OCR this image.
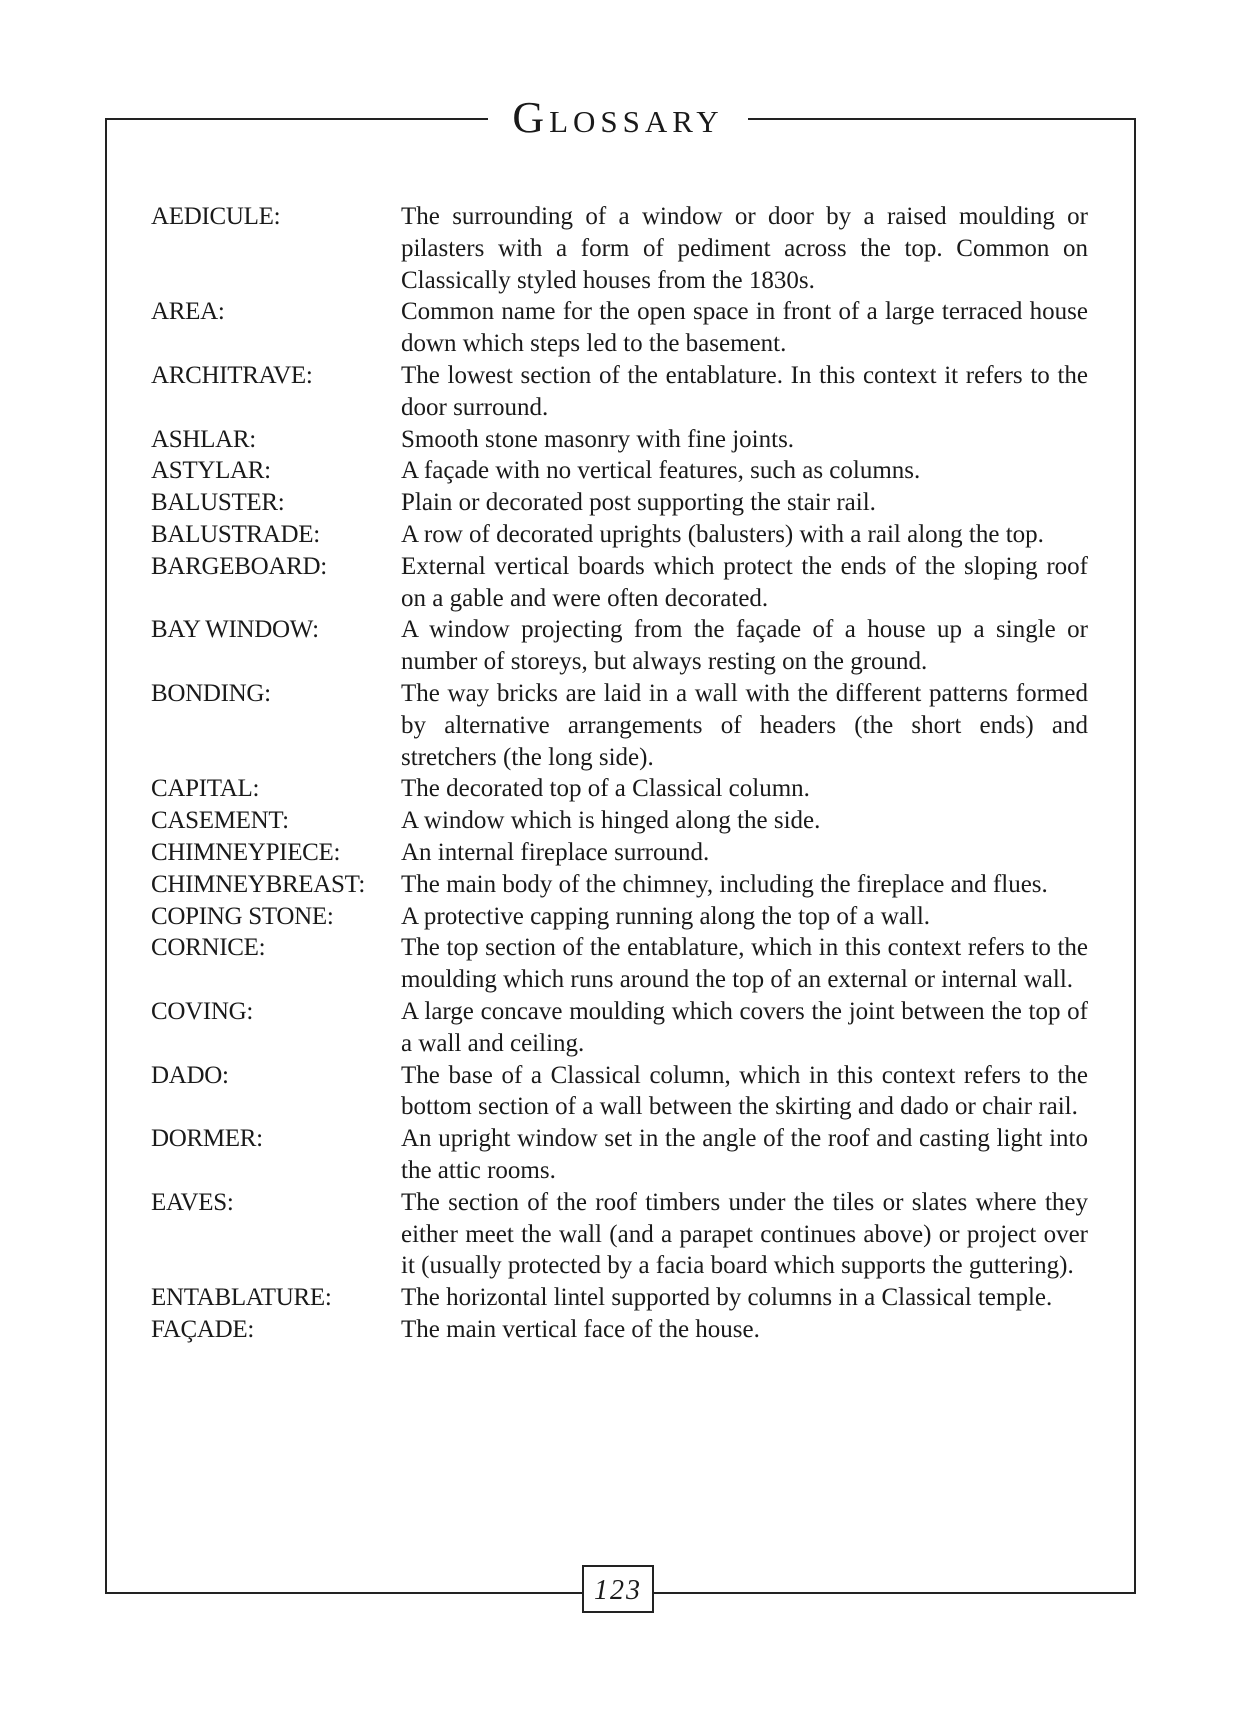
Glossary
AEDICULE:	The surrounding of a window or door by a raised moulding or pilasters with a form of pediment across the top. Common on Classically styled houses from the 1830s.
AREA:	Common name for the open space in front of a large terraced house down which steps led to the basement.
ARCHITRAVE:	The lowest section of the entablature. In this context it refers to the door surround.
ASHLAR:	Smooth stone masonry with fine joints.
ASTYLAR:	A façade with no vertical features, such as columns.
BALUSTER:	Plain or decorated post supporting the stair rail.
BALUSTRADE:	A row of decorated uprights (balusters) with a rail along the top.
BARGEBOARD:	External vertical boards which protect the ends of the sloping roof on a gable and were often decorated.
BAY WINDOW:	A window projecting from the façade of a house up a single or number of storeys, but always resting on the ground.
BONDING:	The way bricks are laid in a wall with the different patterns formed by alternative arrangements of headers (the short ends) and stretchers (the long side).
CAPITAL:	The decorated top of a Classical column.
CASEMENT:	A window which is hinged along the side.
CHIMNEYPIECE:	An internal fireplace surround.
CHIMNEYBREAST:	The main body of the chimney, including the fireplace and flues.
COPING STONE:	A protective capping running along the top of a wall.
CORNICE:	The top section of the entablature, which in this context refers to the moulding which runs around the top of an external or internal wall.
COVING:	A large concave moulding which covers the joint between the top of a wall and ceiling.
DADO:	The base of a Classical column, which in this context refers to the bottom section of a wall between the skirting and dado or chair rail.
DORMER:	An upright window set in the angle of the roof and casting light into the attic rooms.
EAVES:	The section of the roof timbers under the tiles or slates where they either meet the wall (and a parapet continues above) or project over it (usually protected by a facia board which supports the guttering).
ENTABLATURE:	The horizontal lintel supported by columns in a Classical temple.
FAÇADE:	The main vertical face of the house.
123
